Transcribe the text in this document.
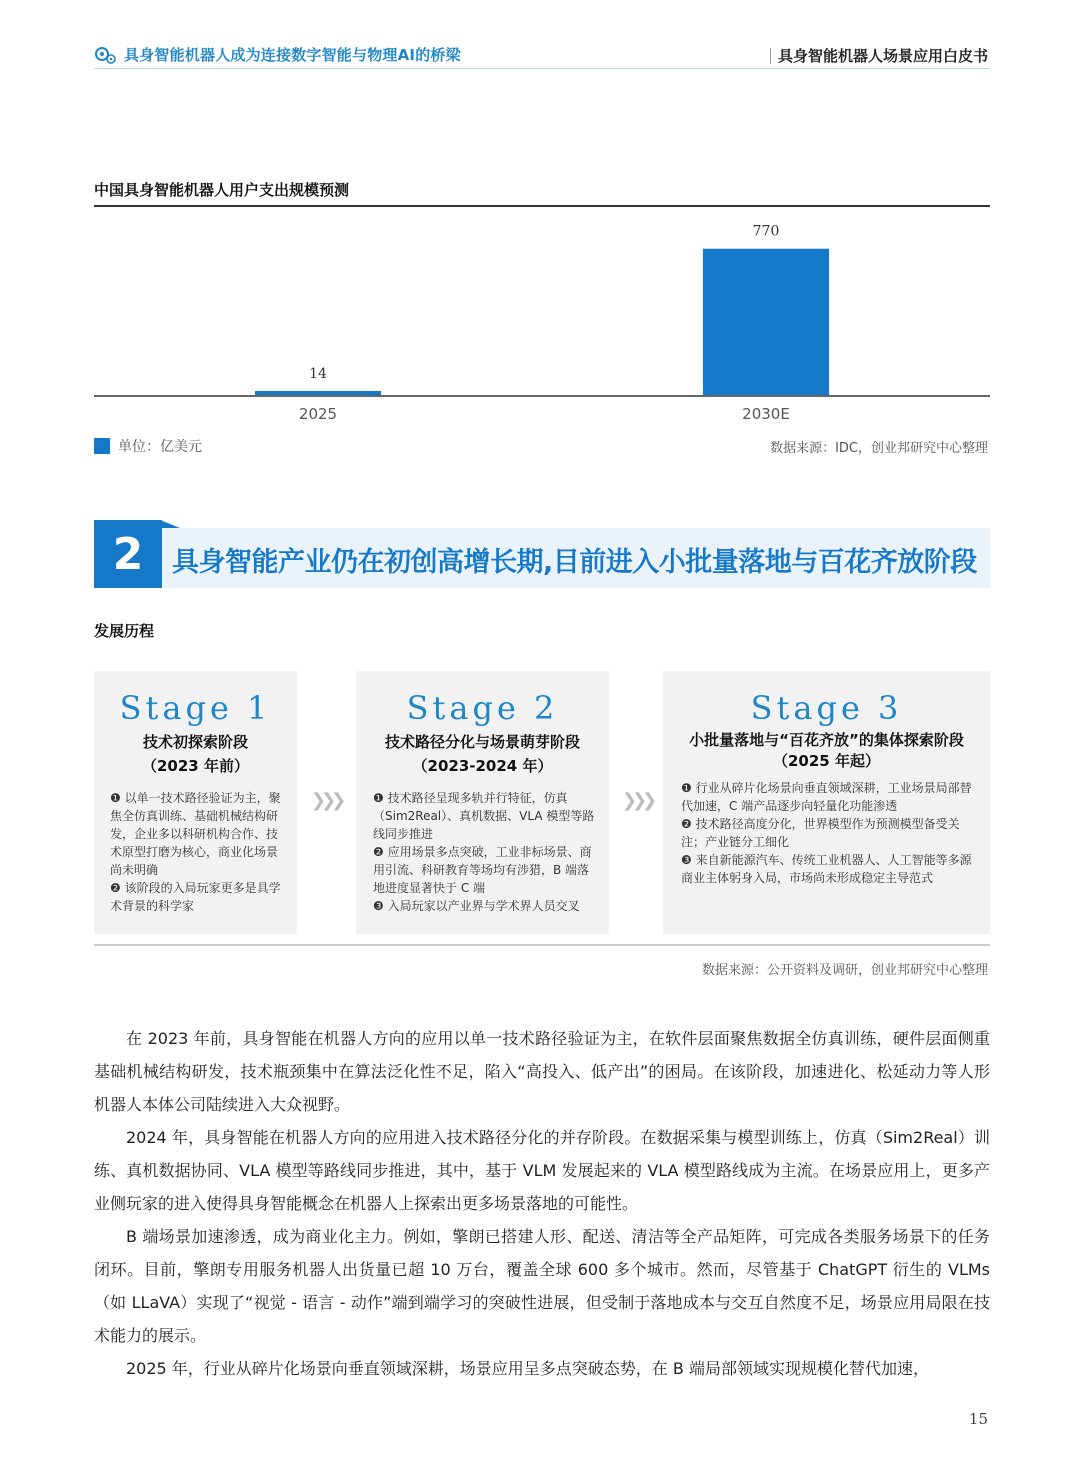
具身智能机器人成为连接数字智能与物理AI的桥梁	具身智能机器人场景应用白皮书
中国具身智能机器人用户支出规模预测
14
2025
770
2030E
单位：亿美元	数据来源：IDC，创业邦研究中心整理
2	具身智能产业仍在初创高增长期,目前进入小批量落地与百花齐放阶段
发展历程
Stage 1
技术初探索阶段
（2023 年前）

❶ 以单一技术路径验证为主，聚焦全仿真训练、基础机械结构研发，企业多以科研机构合作、技术原型打磨为核心，商业化场景尚未明确

❷ 该阶段的入局玩家更多是具学术背景的科学家

❯❯❯
Stage 2
技术路径分化与场景萌芽阶段
（2023-2024 年）

❶ 技术路径呈现多轨并行特征，仿真（Sim2Real）、真机数据、VLA 模型等路线同步推进

❷ 应用场景多点突破，工业非标场景、商用引流、科研教育等场均有涉猎，B 端落地进度显著快于 C 端

❸ 入局玩家以产业界与学术界人员交叉

❯❯❯
Stage 3
小批量落地与“百花齐放”的集体探索阶段
（2025 年起）

❶ 行业从碎片化场景向垂直领域深耕，工业场景局部替代加速，C 端产品逐步向轻量化功能渗透

❷ 技术路径高度分化，世界模型作为预测模型备受关注；产业链分工细化

❸ 来自新能源汽车、传统工业机器人、人工智能等多源商业主体躬身入局，市场尚未形成稳定主导范式

数据来源：公开资料及调研，创业邦研究中心整理

在 2023 年前，具身智能在机器人方向的应用以单一技术路径验证为主，在软件层面聚焦数据全仿真训练，硬件层面侧重基础机械结构研发，技术瓶颈集中在算法泛化性不足，陷入“高投入、低产出”的困局。在该阶段，加速进化、松延动力等人形机器人本体公司陆续进入大众视野。

2024 年，具身智能在机器人方向的应用进入技术路径分化的并存阶段。在数据采集与模型训练上，仿真（Sim2Real）训练、真机数据协同、VLA 模型等路线同步推进，其中，基于 VLM 发展起来的 VLA 模型路线成为主流。在场景应用上，更多产业侧玩家的进入使得具身智能概念在机器人上探索出更多场景落地的可能性。

B 端场景加速渗透，成为商业化主力。例如，擎朗已搭建人形、配送、清洁等全产品矩阵，可完成各类服务场景下的任务闭环。目前，擎朗专用服务机器人出货量已超 10 万台，覆盖全球 600 多个城市。然而，尽管基于 ChatGPT 衍生的 VLMs（如 LLaVA）实现了“视觉 - 语言 - 动作”端到端学习的突破性进展，但受制于落地成本与交互自然度不足，场景应用局限在技术能力的展示。

2025 年，行业从碎片化场景向垂直领域深耕，场景应用呈多点突破态势，在 B 端局部领域实现规模化替代加速，

15
